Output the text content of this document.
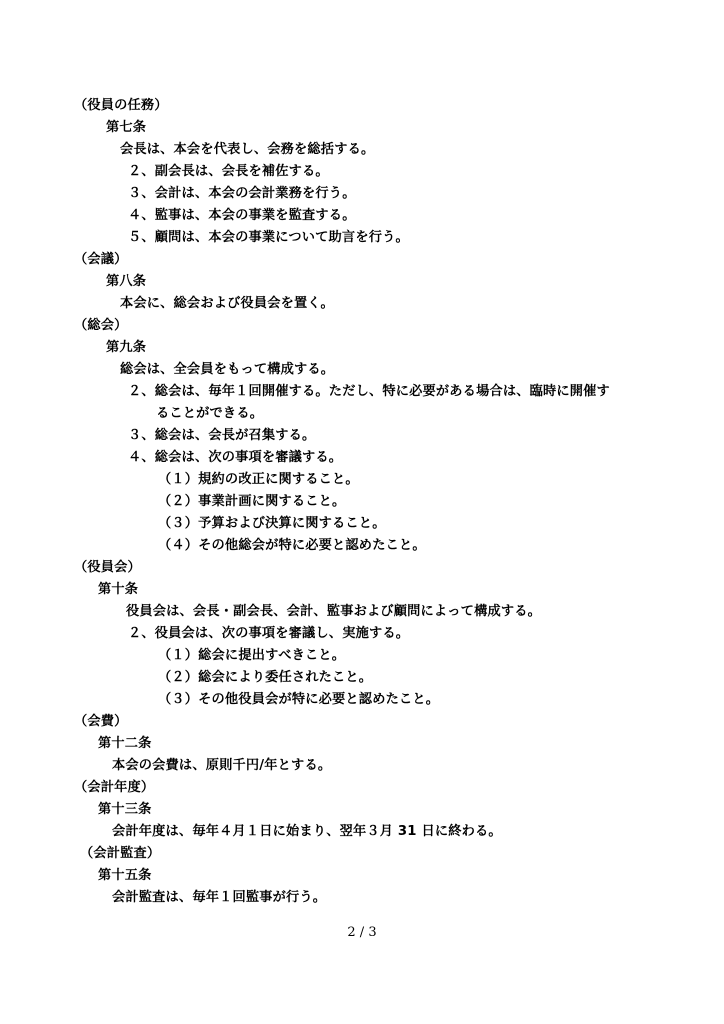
（役員の任務）
第七条
会長は、本会を代表し、会務を総括する。
２、副会長は、会長を補佐する。
３、会計は、本会の会計業務を行う。
４、監事は、本会の事業を監査する。
５、顧問は、本会の事業について助言を行う。
（会議）
第八条
本会に、総会および役員会を置く。
（総会）
第九条
総会は、全会員をもって構成する。
２、総会は、毎年１回開催する。ただし、特に必要がある場合は、臨時に開催す
ることができる。
３、総会は、会長が召集する。
４、総会は、次の事項を審議する。
（１）規約の改正に関すること。
（２）事業計画に関すること。
（３）予算および決算に関すること。
（４）その他総会が特に必要と認めたこと。
（役員会）
第十条
役員会は、会長・副会長、会計、監事および顧問によって構成する。
２、役員会は、次の事項を審議し、実施する。
（１）総会に提出すべきこと。
（２）総会により委任されたこと。
（３）その他役員会が特に必要と認めたこと。
（会費）
第十二条
本会の会費は、原則千円/年とする。
（会計年度）
第十三条
会計年度は、毎年４月１日に始まり、翌年３月 31 日に終わる。
（会計監査）
第十五条
会計監査は、毎年１回監事が行う。
2 / 3
